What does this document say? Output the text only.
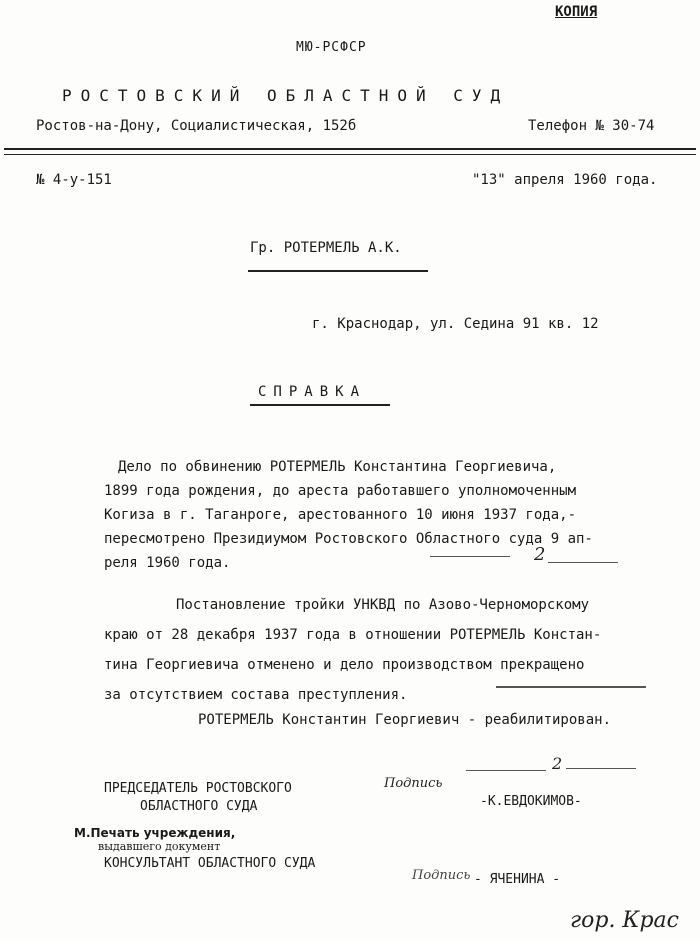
КОПИЯ
МЮ-РСФСР
РОСТОВСКИЙ ОБЛАСТНОЙ СУД
Ростов-на-Дону, Социалистическая, 152б	Телефон № 30-74
№ 4-у-151	"13" апреля 1960 года.
Гр. РОТЕРМЕЛЬ А.К.
г. Краснодар, ул. Седина 91 кв. 12
СПРАВКА
Дело по обвинению РОТЕРМЕЛЬ Константина Георгиевича,
1899 года рождения, до ареста работавшего уполномоченным
Когиза в г. Таганроге, арестованного 10 июня 1937 года,-
пересмотрено Президиумом Ростовского Областного суда 9 ап-
реля 1960 года.	2
Постановление тройки УНКВД по Азово-Черноморскому
краю от 28 декабря 1937 года в отношении РОТЕРМЕЛЬ Констан-
тина Георгиевича отменено и дело производством прекращено
за отсутствием состава преступления.
РОТЕРМЕЛЬ Константин Георгиевич - реабилитирован.
2
ПРЕДСЕДАТЕЛЬ РОСТОВСКОГО
ОБЛАСТНОГО СУДА
Подпись
-К.ЕВДОКИМОВ-
М.Печать учреждения,
выдавшего документ
КОНСУЛЬТАНТ ОБЛАСТНОГО СУДА
Подпись - ЯЧЕНИНА -
гор. Крас
